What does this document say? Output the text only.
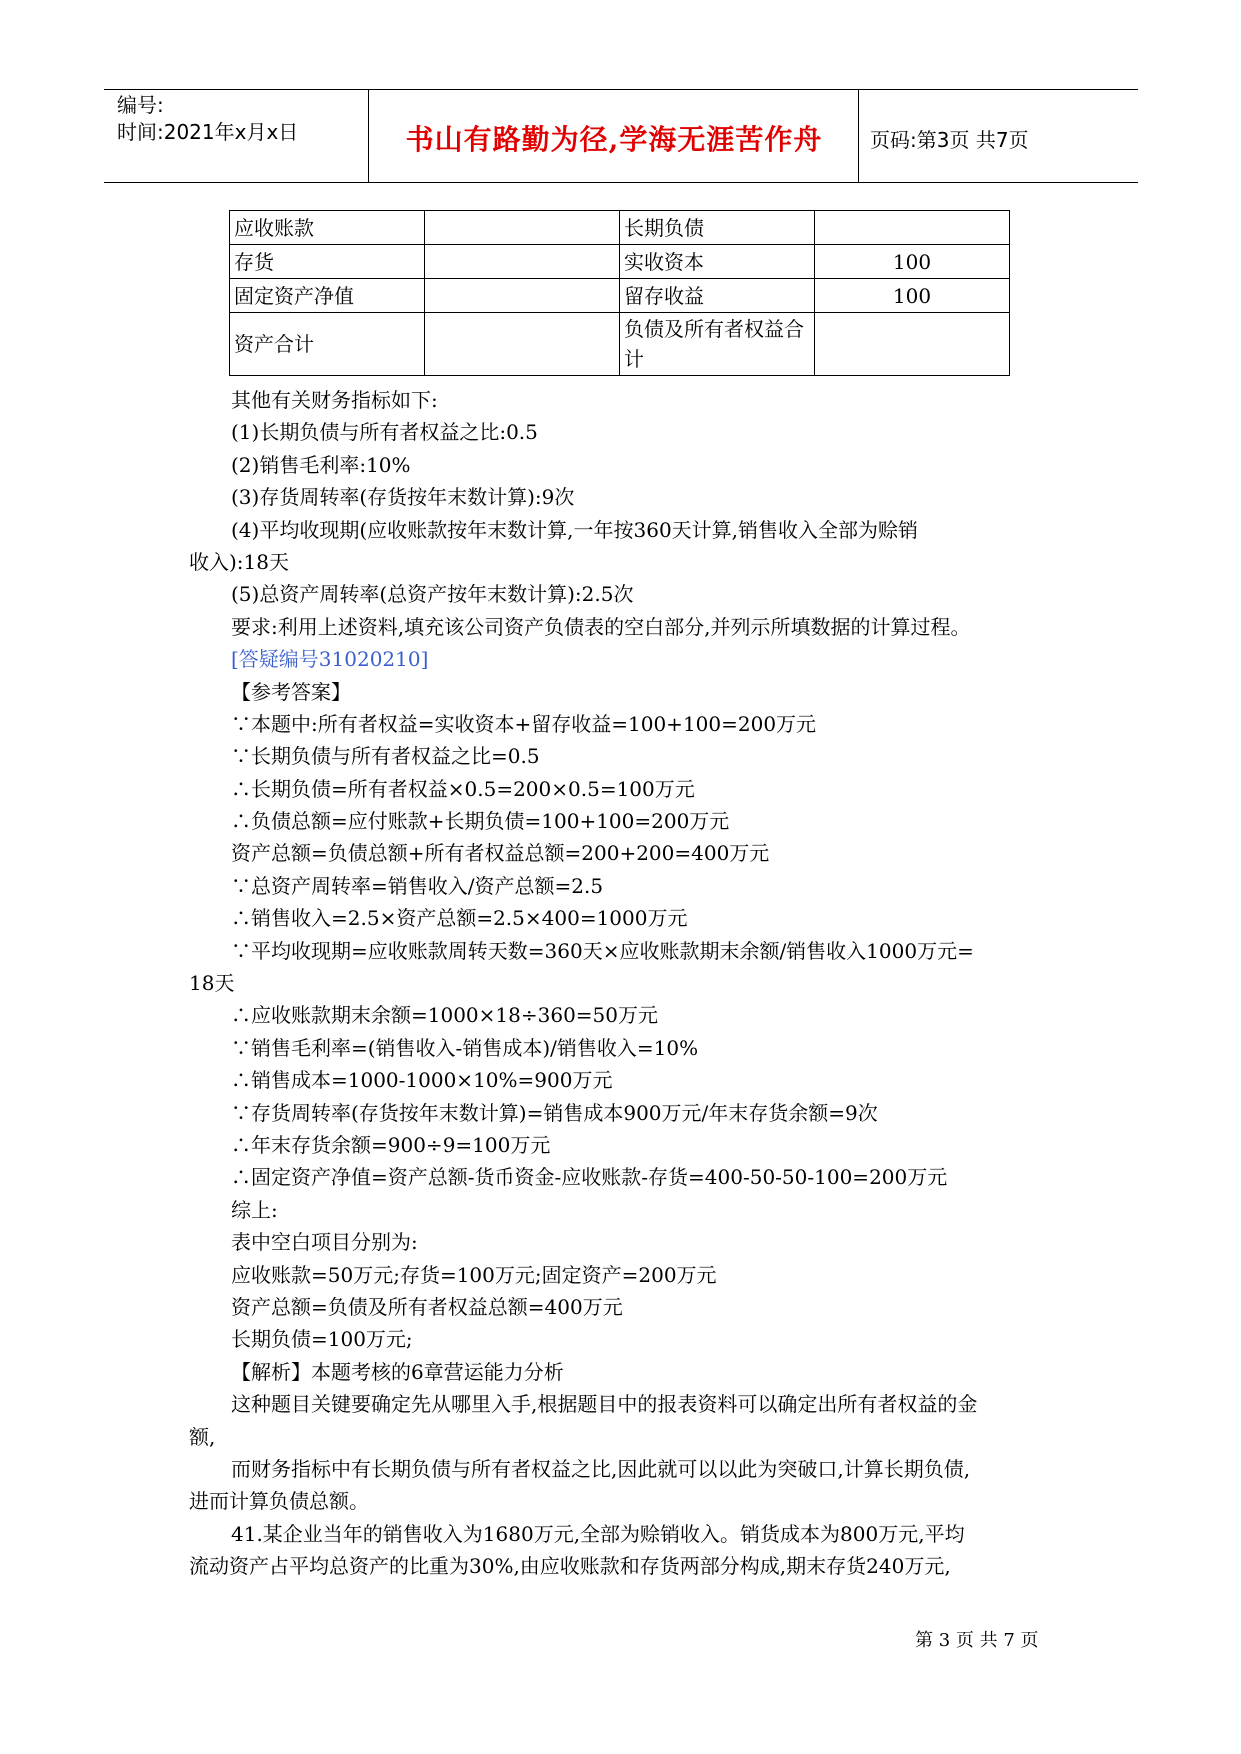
编号:
时间:2021年x月x日	书山有路勤为径,学海无涯苦作舟	页码:第3页 共7页
应收账款		长期负债	
存货		实收资本	100
固定资产净值		留存收益	100
资产合计		负债及所有者权益合计	
其他有关财务指标如下:
(1)长期负债与所有者权益之比:0.5
(2)销售毛利率:10%
(3)存货周转率(存货按年末数计算):9次
(4)平均收现期(应收账款按年末数计算,一年按360天计算,销售收入全部为赊销
收入):18天
(5)总资产周转率(总资产按年末数计算):2.5次
要求:利用上述资料,填充该公司资产负债表的空白部分,并列示所填数据的计算过程。
[答疑编号31020210]
【参考答案】
∵本题中:所有者权益=实收资本+留存收益=100+100=200万元
∵长期负债与所有者权益之比=0.5
∴长期负债=所有者权益×0.5=200×0.5=100万元
∴负债总额=应付账款+长期负债=100+100=200万元
资产总额=负债总额+所有者权益总额=200+200=400万元
∵总资产周转率=销售收入/资产总额=2.5
∴销售收入=2.5×资产总额=2.5×400=1000万元
∵平均收现期=应收账款周转天数=360天×应收账款期末余额/销售收入1000万元=
18天
∴应收账款期末余额=1000×18÷360=50万元
∵销售毛利率=(销售收入-销售成本)/销售收入=10%
∴销售成本=1000-1000×10%=900万元
∵存货周转率(存货按年末数计算)=销售成本900万元/年末存货余额=9次
∴年末存货余额=900÷9=100万元
∴固定资产净值=资产总额-货币资金-应收账款-存货=400-50-50-100=200万元
综上:
表中空白项目分别为:
应收账款=50万元;存货=100万元;固定资产=200万元
资产总额=负债及所有者权益总额=400万元
长期负债=100万元;
【解析】本题考核的6章营运能力分析
这种题目关键要确定先从哪里入手,根据题目中的报表资料可以确定出所有者权益的金
额,
而财务指标中有长期负债与所有者权益之比,因此就可以以此为突破口,计算长期负债,
进而计算负债总额。
41.某企业当年的销售收入为1680万元,全部为赊销收入。销货成本为800万元,平均
流动资产占平均总资产的比重为30%,由应收账款和存货两部分构成,期末存货240万元,
第 3 页 共 7 页
